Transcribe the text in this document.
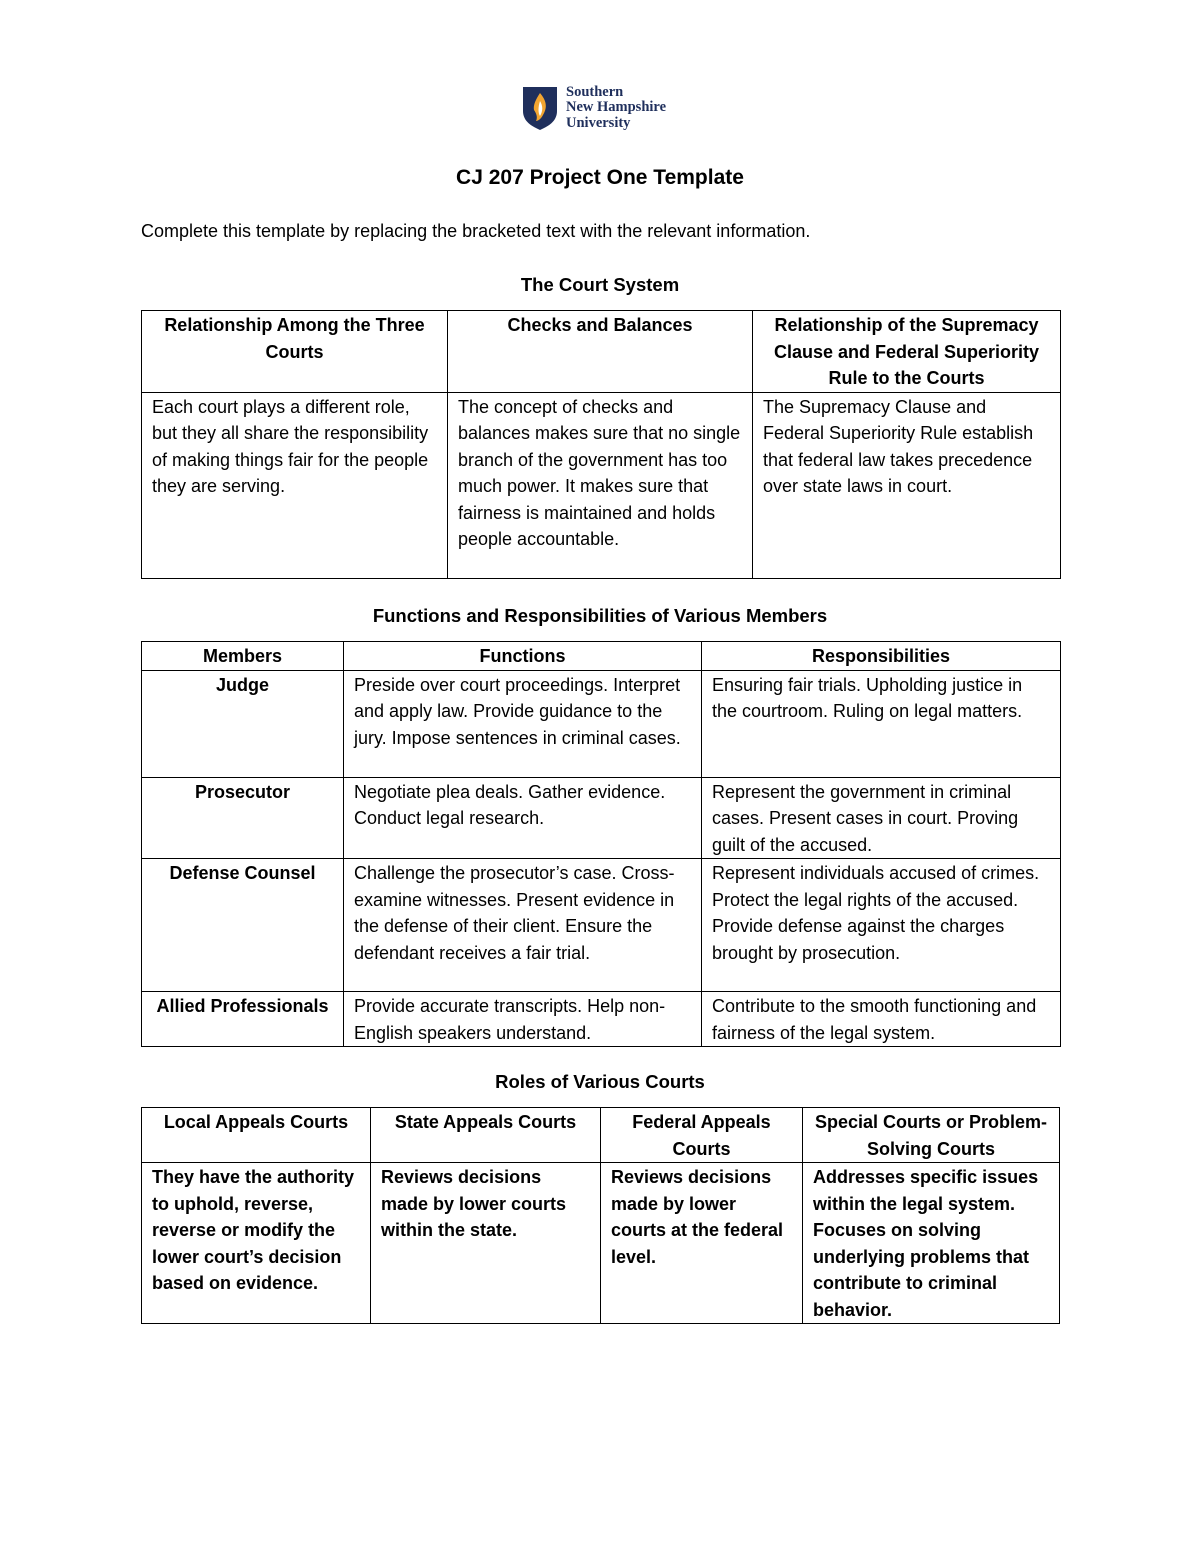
Southern
New Hampshire
University
CJ 207 Project One Template
Complete this template by replacing the bracketed text with the relevant information.
The Court System
Relationship Among the Three Courts	Checks and Balances	Relationship of the Supremacy Clause and Federal Superiority Rule to the Courts
Each court plays a different role, but they all share the responsibility of making things fair for the people they are serving.	The concept of checks and balances makes sure that no single branch of the government has too much power. It makes sure that fairness is maintained and holds people accountable.	The Supremacy Clause and Federal Superiority Rule establish that federal law takes precedence over state laws in court.
Functions and Responsibilities of Various Members
Members	Functions	Responsibilities
Judge	Preside over court proceedings. Interpret and apply law. Provide guidance to the jury. Impose sentences in criminal cases.	Ensuring fair trials. Upholding justice in the courtroom. Ruling on legal matters.
Prosecutor	Negotiate plea deals. Gather evidence. Conduct legal research.	Represent the government in criminal cases. Present cases in court. Proving guilt of the accused.
Defense Counsel	Challenge the prosecutor’s case. Cross-examine witnesses. Present evidence in the defense of their client. Ensure the defendant receives a fair trial.	Represent individuals accused of crimes. Protect the legal rights of the accused. Provide defense against the charges brought by prosecution.
Allied Professionals	Provide accurate transcripts. Help non-English speakers understand.	Contribute to the smooth functioning and fairness of the legal system.
Roles of Various Courts
Local Appeals Courts	State Appeals Courts	Federal Appeals Courts	Special Courts or Problem-Solving Courts
They have the authority to uphold, reverse, reverse or modify the lower court’s decision based on evidence.	Reviews decisions made by lower courts within the state.	Reviews decisions made by lower courts at the federal level.	Addresses specific issues within the legal system. Focuses on solving underlying problems that contribute to criminal behavior.
